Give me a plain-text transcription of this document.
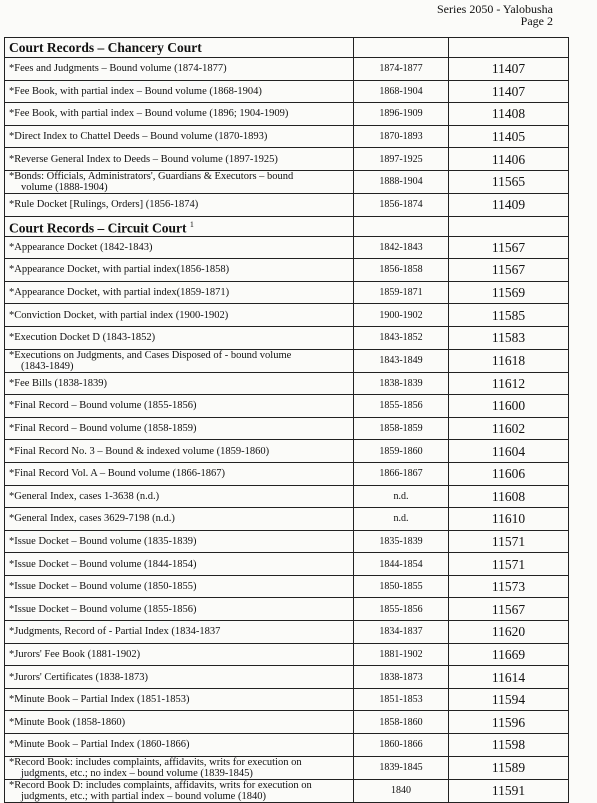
Series 2050 - Yalobusha
Page 2
Court Records – Chancery Court		
*Fees and Judgments – Bound volume (1874-1877)	1874-1877	11407
*Fee Book, with partial index – Bound volume (1868-1904)	1868-1904	11407
*Fee Book, with partial index – Bound volume (1896; 1904-1909)	1896-1909	11408
*Direct Index to Chattel Deeds – Bound volume (1870-1893)	1870-1893	11405
*Reverse General Index to Deeds – Bound volume (1897-1925)	1897-1925	11406
*Bonds: Officials, Administrators', Guardians & Executors – bound
volume (1888-1904)	1888-1904	11565
*Rule Docket [Rulings, Orders] (1856-1874)	1856-1874	11409
Court Records – Circuit Court $^1$		
*Appearance Docket (1842-1843)	1842-1843	11567
*Appearance Docket, with partial index(1856-1858)	1856-1858	11567
*Appearance Docket, with partial index(1859-1871)	1859-1871	11569
*Conviction Docket, with partial index (1900-1902)	1900-1902	11585
*Execution Docket D (1843-1852)	1843-1852	11583
*Executions on Judgments, and Cases Disposed of - bound volume
(1843-1849)	1843-1849	11618
*Fee Bills (1838-1839)	1838-1839	11612
*Final Record – Bound volume (1855-1856)	1855-1856	11600
*Final Record – Bound volume (1858-1859)	1858-1859	11602
*Final Record No. 3 – Bound & indexed volume (1859-1860)	1859-1860	11604
*Final Record Vol. A – Bound volume (1866-1867)	1866-1867	11606
*General Index, cases 1-3638 (n.d.)	n.d.	11608
*General Index, cases 3629-7198 (n.d.)	n.d.	11610
*Issue Docket – Bound volume (1835-1839)	1835-1839	11571
*Issue Docket – Bound volume (1844-1854)	1844-1854	11571
*Issue Docket – Bound volume (1850-1855)	1850-1855	11573
*Issue Docket – Bound volume (1855-1856)	1855-1856	11567
*Judgments, Record of - Partial Index (1834-1837	1834-1837	11620
*Jurors' Fee Book (1881-1902)	1881-1902	11669
*Jurors' Certificates (1838-1873)	1838-1873	11614
*Minute Book – Partial Index (1851-1853)	1851-1853	11594
*Minute Book (1858-1860)	1858-1860	11596
*Minute Book – Partial Index (1860-1866)	1860-1866	11598
*Record Book: includes complaints, affidavits, writs for execution on
judgments, etc.; no index – bound volume (1839-1845)	1839-1845	11589
*Record Book D: includes complaints, affidavits, writs for execution on
judgments, etc.; with partial index – bound volume (1840)	1840	11591
